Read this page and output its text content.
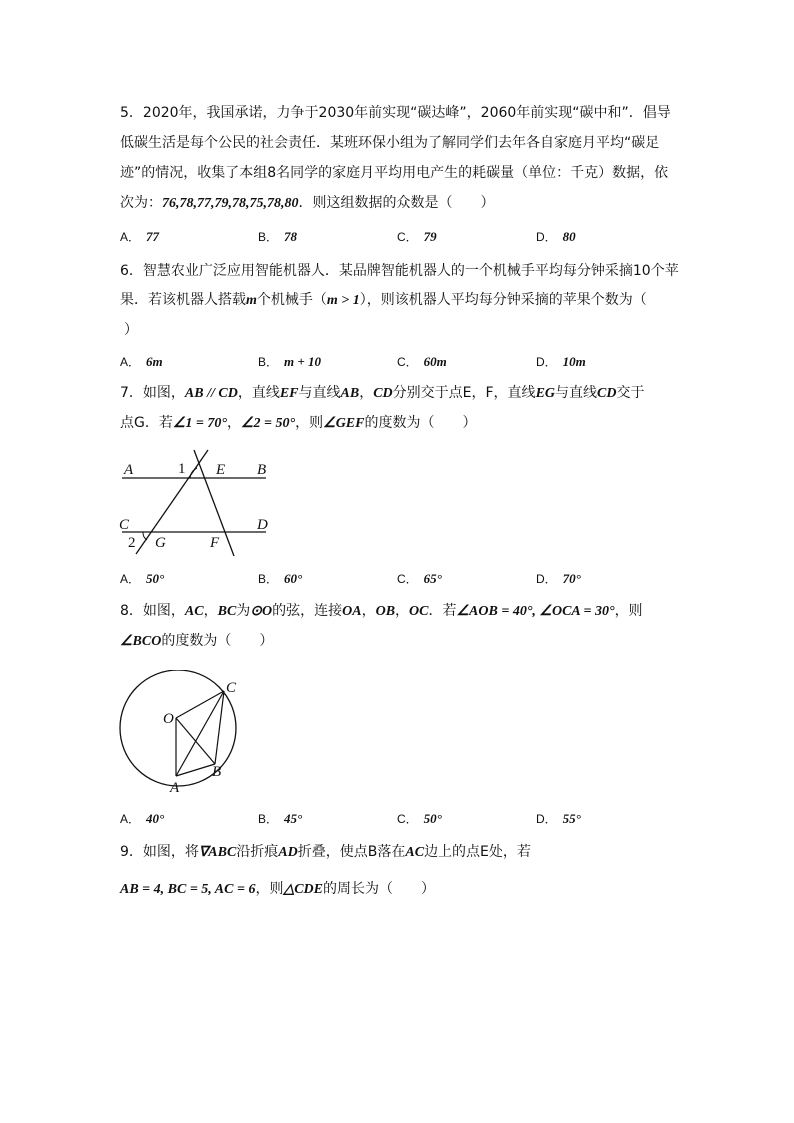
5．2020年，我国承诺，力争于2030年前实现“碳达峰”，2060年前实现“碳中和”．倡导
低碳生活是每个公民的社会责任．某班环保小组为了解同学们去年各自家庭月平均“碳足
迹”的情况，收集了本组8名同学的家庭月平均用电产生的耗碳量（单位：千克）数据，依
次为：76,78,77,79,78,75,78,80．则这组数据的众数是（　　）
A． 77	B． 78	C． 79	D． 80
6．智慧农业广泛应用智能机器人．某品牌智能机器人的一个机械手平均每分钟采摘10个苹
果．若该机器人搭载m个机械手（m > 1），则该机器人平均每分钟采摘的苹果个数为（
）
A． 6m	B． m + 10	C． 60m	D． 10m
7．如图，AB // CD，直线EF与直线AB，CD分别交于点E，F，直线EG与直线CD交于
点G．若∠1 = 70°，∠2 = 50°，则∠GEF的度数为（　　）
A	B
C	D
E
F
G
1
2
A． 50°	B． 60°	C． 65°	D． 70°
8．如图，AC，BC为⊙O的弦，连接OA，OB，OC．若∠AOB = 40°, ∠OCA = 30°，则
∠BCO的度数为（　　）
O
A
B
C
A． 40°	B． 45°	C． 50°	D． 55°
9．如图，将∇ABC沿折痕AD折叠，使点B落在AC边上的点E处，若
AB = 4, BC = 5, AC = 6，则△CDE的周长为（　　）
